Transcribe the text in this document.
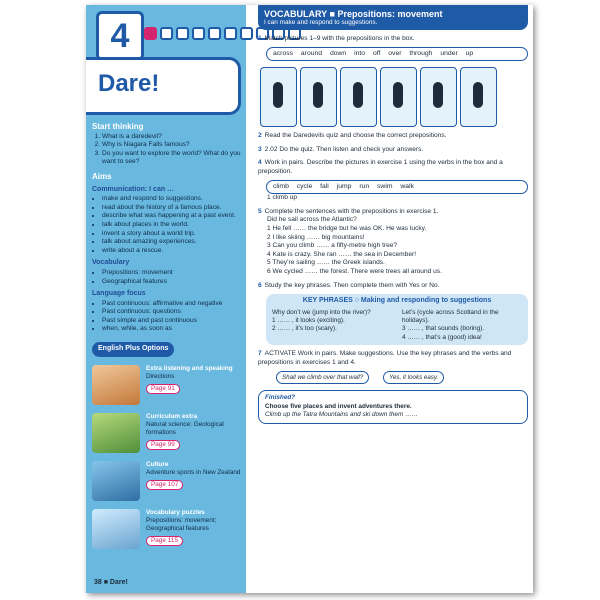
4
Dare!
Start thinking
1. What is a daredevil?
2. Why is Niagara Falls famous?
3. Do you want to explore the world? What do you want to see?
Aims
Communication: I can …
• make and respond to suggestions.
• read about the history of a famous place.
• describe what was happening at a past event.
• talk about places in the world.
• invent a story about a world trip.
• talk about amazing experiences.
• write about a rescue.
Vocabulary
• Prepositions: movement
• Geographical features
Language focus
• Past continuous: affirmative and negative
• Past continuous: questions
• Past simple and past continuous
• when, while, as soon as
English Plus Options
Extra listening and speaking
Directions
Page 91
Curriculum extra
Natural science: Geological formations
Page 99
Culture
Adventure sports in New Zealand
Page 107
Vocabulary puzzles
Prepositions: movement; Geographical features
Page 115
38 ■ Dare!
VOCABULARY ■ Prepositions: movement
I can make and respond to suggestions.
1 Match pictures 1–9 with the prepositions in the box.
across around down into off over through under up
2 Read the Daredevils quiz and choose the correct prepositions.
3 2.02 Do the quiz. Then listen and check your answers.
4 Work in pairs. Describe the pictures in exercise 1 using the verbs in the box and a preposition.
climb cycle fall jump run swim walk
1 climb up
5 Complete the sentences with the prepositions in exercise 1.
Did he sail across the Atlantic?
1 He fell …… the bridge but he was OK. He was lucky.
2 I like skiing …… big mountains!
3 Can you climb …… a fifty-metre high tree?
4 Kate is crazy. She ran …… the sea in December!
5 They’re sailing …… the Greek islands.
6 We cycled …… the forest. There were trees all around us.
6 Study the key phrases. Then complete them with Yes or No.
KEY PHRASES ○ Making and responding to suggestions
Why don’t we (jump into the river)?
1 …… , it looks (exciting).
2 …… , it’s too (scary).
Let’s (cycle across Scotland in the holidays).
3 …… , that sounds (boring).
4 …… , that’s a (good) idea!
7 ACTIVATE Work in pairs. Make suggestions. Use the key phrases and the verbs and prepositions in exercises 1 and 4.
Shall we climb over that wall?	Yes, it looks easy.
Finished?
Choose five places and invent adventures there.
Climb up the Tatra Mountains and ski down them ……
